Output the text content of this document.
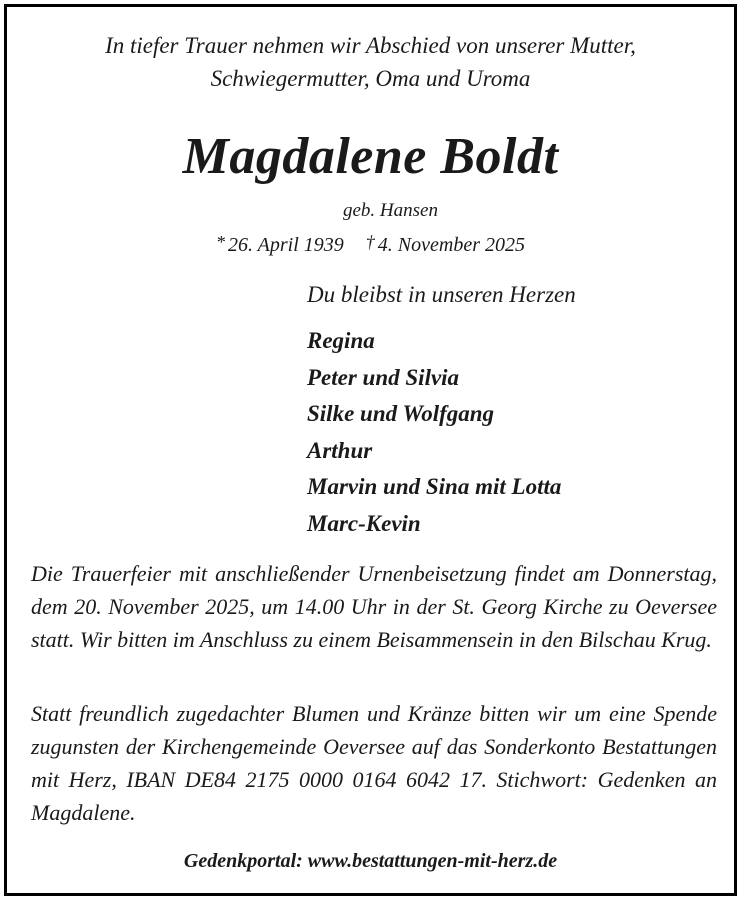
In tiefer Trauer nehmen wir Abschied von unserer Mutter,
Schwiegermutter, Oma und Uroma
Magdalene Boldt
geb. Hansen
* 26. April 1939 † 4. November 2025
Du bleibst in unseren Herzen
Regina
Peter und Silvia
Silke und Wolfgang
Arthur
Marvin und Sina mit Lotta
Marc-Kevin
Die Trauerfeier mit anschließender Urnenbeisetzung findet am Donnerstag, dem 20. November 2025, um 14.00 Uhr in der St. Georg Kirche zu Oeversee statt. Wir bitten im Anschluss zu einem Beisammensein in den Bilschau Krug.
Statt freundlich zugedachter Blumen und Kränze bitten wir um eine Spende zugunsten der Kirchengemeinde Oeversee auf das Sonderkonto Bestattungen mit Herz, IBAN DE84 2175 0000 0164 6042 17. Stichwort: Gedenken an Magdalene.
Gedenkportal: www.bestattungen-mit-herz.de
